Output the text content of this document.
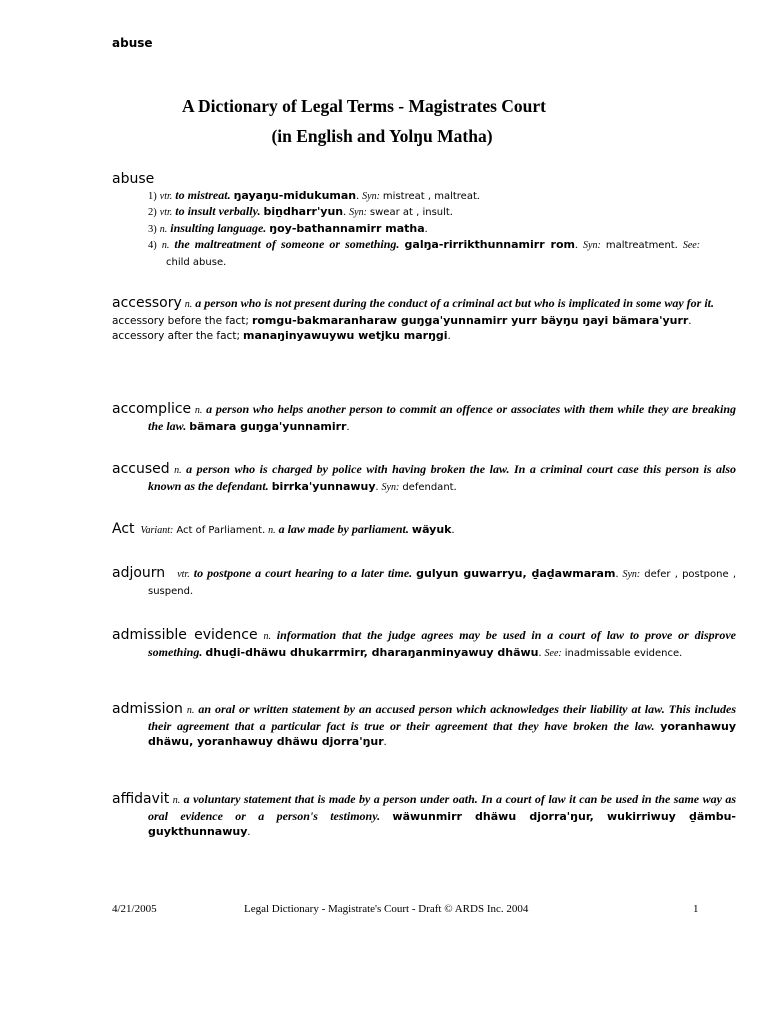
abuse
A Dictionary of Legal Terms - Magistrates Court
(in English and Yolŋu Matha)
abuse
1) vtr. to mistreat. ŋayaŋu-midukuman. Syn: mistreat , maltreat.
2) vtr. to insult verbally. biṉdharr'yun. Syn: swear at , insult.
3) n. insulting language. ŋoy-bathannamirr matha.
4) n. the maltreatment of someone or something. galŋa-rirrikthunnamirr rom. Syn: maltreatment. See: child abuse.
accessory n. a person who is not present during the conduct of a criminal act but who is implicated in some way for it.
accessory before the fact; romgu-bakmaranharaw guŋga'yunnamirr yurr bäyŋu ŋayi bämara'yurr.
accessory after the fact; manaŋinyawuywu wetjku marŋgi.
accomplice n. a person who helps another person to commit an offence or associates with them while they are breaking the law. bämara guŋga'yunnamirr.
accused n. a person who is charged by police with having broken the law. In a criminal court case this person is also known as the defendant. birrka'yunnawuy. Syn: defendant.
Act Variant: Act of Parliament. n. a law made by parliament. wäyuk.
adjourn vtr. to postpone a court hearing to a later time. gulyun guwarryu, ḏaḏawmaram. Syn: defer , postpone , suspend.
admissible evidence n. information that the judge agrees may be used in a court of law to prove or disprove something. dhuḏi-dhäwu dhukarrmirr, dharaŋanminyawuy dhäwu. See: inadmissable evidence.
admission n. an oral or written statement by an accused person which acknowledges their liability at law. This includes their agreement that a particular fact is true or their agreement that they have broken the law. yoranhawuy dhäwu, yoranhawuy dhäwu djorra'ŋur.
affidavit n. a voluntary statement that is made by a person under oath. In a court of law it can be used in the same way as oral evidence or a person's testimony. wäwunmirr dhäwu djorra'ŋur, wukirriwuy ḏämbu-guykthunnawuy.
4/21/2005	Legal Dictionary - Magistrate's Court - Draft © ARDS Inc. 2004	1
